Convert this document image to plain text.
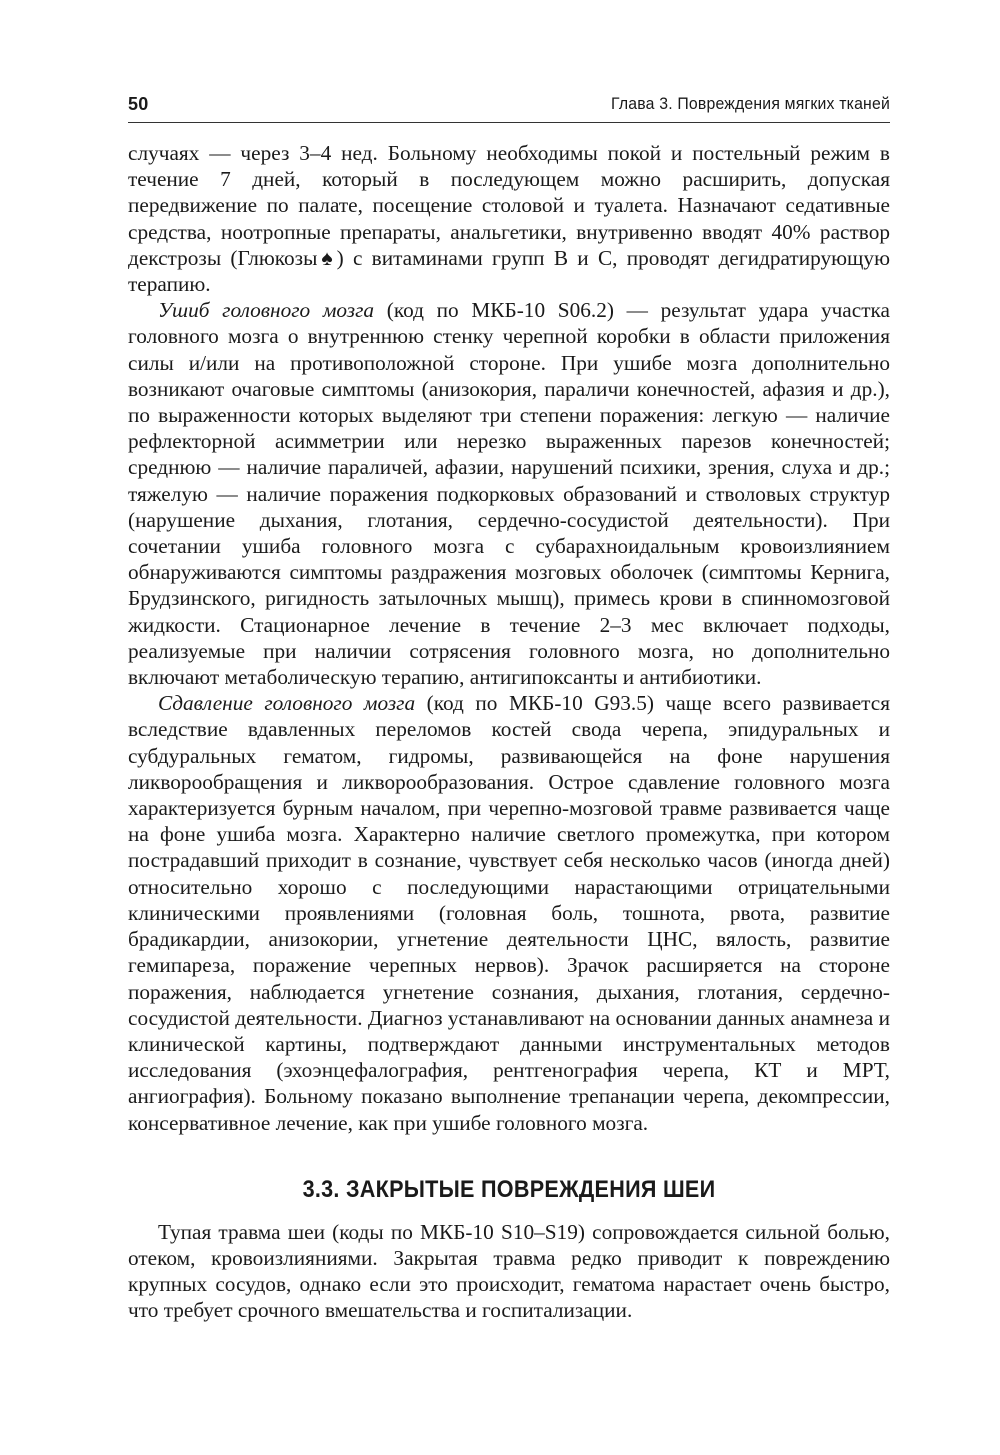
50	Глава 3. Повреждения мягких тканей

случаях — через 3–4 нед. Больному необходимы покой и постельный режим в течение 7 дней, который в последующем можно расширить, допуская передвижение по палате, посещение столовой и туалета. Назначают седативные средства, ноотропные препараты, анальгетики, внутривенно вводят 40% раствор декстрозы (Глюкозы♠) с витаминами групп В и С, проводят дегидратирующую терапию.

Ушиб головного мозга (код по МКБ-10 S06.2) — результат удара участка головного мозга о внутреннюю стенку черепной коробки в области приложения силы и/или на противоположной стороне. При ушибе мозга дополнительно возникают очаговые симптомы (анизокория, параличи конечностей, афазия и др.), по выраженности которых выделяют три степени поражения: легкую — наличие рефлекторной асимметрии или нерезко выраженных парезов конечностей; среднюю — наличие параличей, афазии, нарушений психики, зрения, слуха и др.; тяжелую — наличие поражения подкорковых образований и стволовых структур (нарушение дыхания, глотания, сердечно-сосудистой деятельности). При сочетании ушиба головного мозга с субарахноидальным кровоизлиянием обнаруживаются симптомы раздражения мозговых оболочек (симптомы Кернига, Брудзинского, ригидность затылочных мышц), примесь крови в спинномозговой жидкости. Стационарное лечение в течение 2–3 мес включает подходы, реализуемые при наличии сотрясения головного мозга, но дополнительно включают метаболическую терапию, антигипоксанты и антибиотики.

Сдавление головного мозга (код по МКБ-10 G93.5) чаще всего развивается вследствие вдавленных переломов костей свода черепа, эпидуральных и субдуральных гематом, гидромы, развивающейся на фоне нарушения ликворообращения и ликворообразования. Острое сдавление головного мозга характеризуется бурным началом, при черепно-мозговой травме развивается чаще на фоне ушиба мозга. Характерно наличие светлого промежутка, при котором пострадавший приходит в сознание, чувствует себя несколько часов (иногда дней) относительно хорошо с последующими нарастающими отрицательными клиническими проявлениями (головная боль, тошнота, рвота, развитие брадикардии, анизокории, угнетение деятельности ЦНС, вялость, развитие гемипареза, поражение черепных нервов). Зрачок расширяется на стороне поражения, наблюдается угнетение сознания, дыхания, глотания, сердечно-сосудистой деятельности. Диагноз устанавливают на основании данных анамнеза и клинической картины, подтверждают данными инструментальных методов исследования (эхоэнцефалография, рентгенография черепа, КТ и МРТ, ангиография). Больному показано выполнение трепанации черепа, декомпрессии, консервативное лечение, как при ушибе головного мозга.

3.3. ЗАКРЫТЫЕ ПОВРЕЖДЕНИЯ ШЕИ

Тупая травма шеи (коды по МКБ-10 S10–S19) сопровождается сильной болью, отеком, кровоизлияниями. Закрытая травма редко приводит к повреждению крупных сосудов, однако если это происходит, гематома нарастает очень быстро, что требует срочного вмешательства и госпитализации.
